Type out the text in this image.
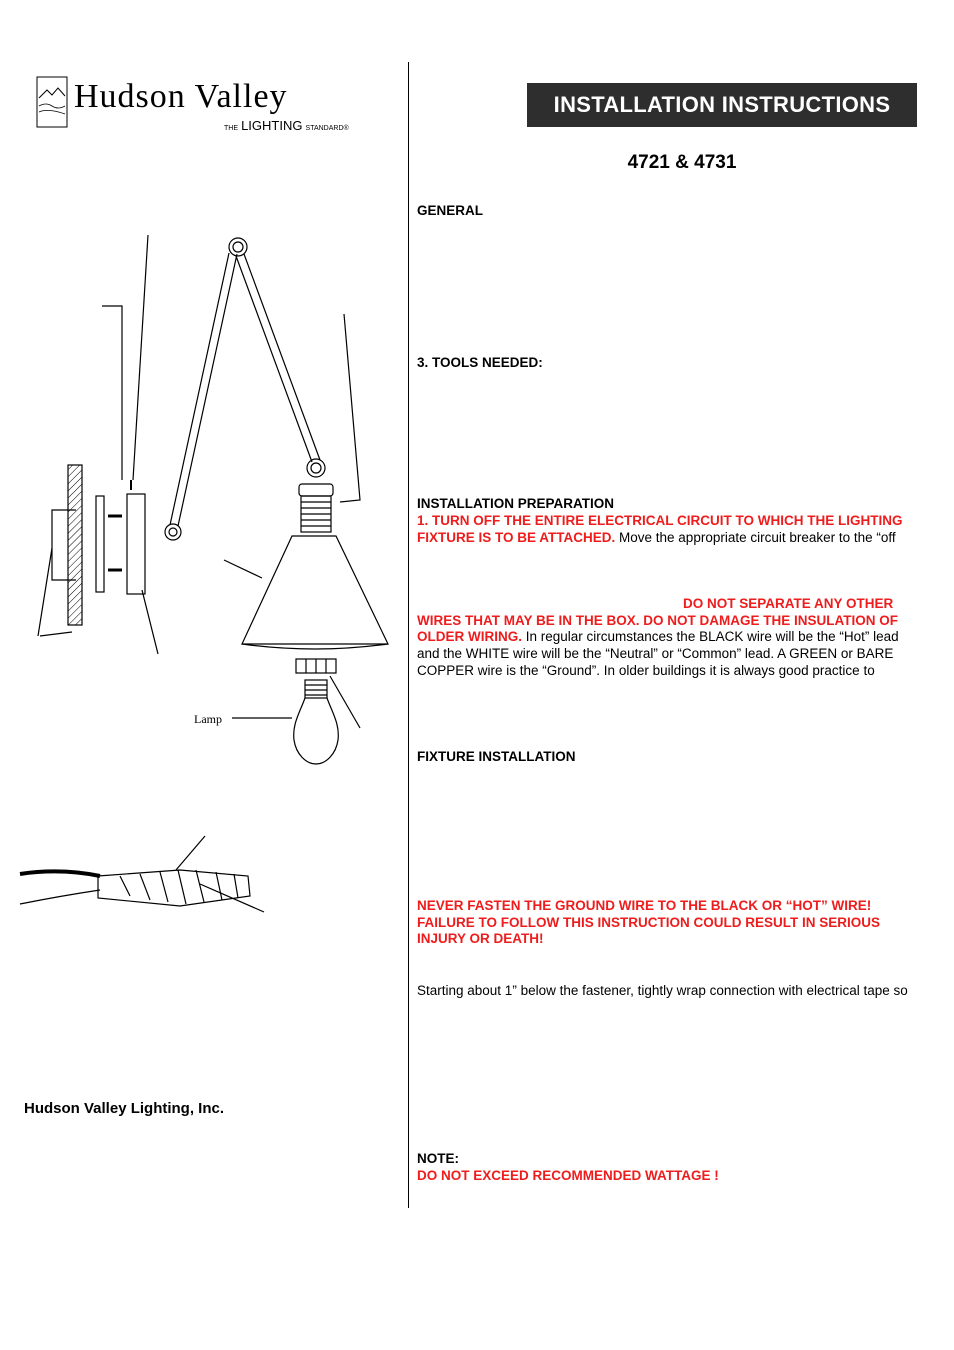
Hudson Valley
THE LIGHTING STANDARD®
INSTALLATION INSTRUCTIONS
4721 & 4731
GENERAL
3. TOOLS NEEDED:
INSTALLATION PREPARATION
1. TURN OFF THE ENTIRE ELECTRICAL CIRCUIT TO WHICH THE LIGHTING
FIXTURE IS TO BE ATTACHED. Move the appropriate circuit breaker to the “off
DO NOT SEPARATE ANY OTHER
WIRES THAT MAY BE IN THE BOX. DO NOT DAMAGE THE INSULATION OF
OLDER WIRING. In regular circumstances the BLACK wire will be the “Hot” lead
and the WHITE wire will be the “Neutral” or “Common” lead. A GREEN or BARE
COPPER wire is the “Ground”. In older buildings it is always good practice to
FIXTURE INSTALLATION
NEVER FASTEN THE GROUND WIRE TO THE BLACK OR “HOT” WIRE!
FAILURE TO FOLLOW THIS INSTRUCTION COULD RESULT IN SERIOUS
INJURY OR DEATH!
Starting about 1” below the fastener, tightly wrap connection with electrical tape so
NOTE:
DO NOT EXCEED RECOMMENDED WATTAGE !
Lamp
Hudson Valley Lighting, Inc.
